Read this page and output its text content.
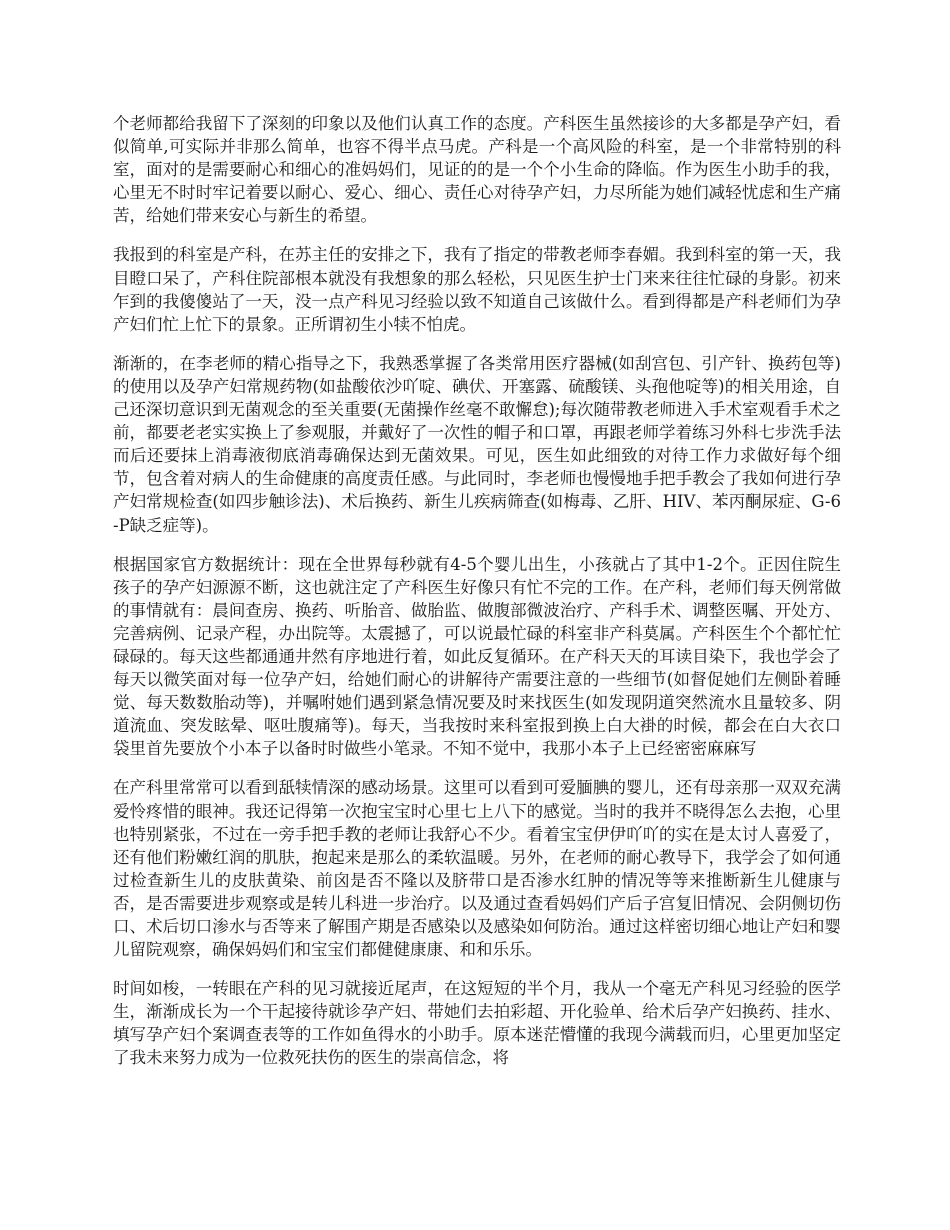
个老师都给我留下了深刻的印象以及他们认真工作的态度。产科医生虽然接诊的大多都是孕产妇，看似简单,可实际并非那么简单，也容不得半点马虎。产科是一个高风险的科室，是一个非常特别的科室，面对的是需要耐心和细心的准妈妈们，见证的的是一个个小生命的降临。作为医生小助手的我，心里无不时时牢记着要以耐心、爱心、细心、责任心对待孕产妇，力尽所能为她们减轻忧虑和生产痛苦，给她们带来安心与新生的希望。

我报到的科室是产科，在苏主任的安排之下，我有了指定的带教老师李春媚。我到科室的第一天，我目瞪口呆了，产科住院部根本就没有我想象的那么轻松，只见医生护士门来来往往忙碌的身影。初来乍到的我傻傻站了一天，没一点产科见习经验以致不知道自己该做什么。看到得都是产科老师们为孕产妇们忙上忙下的景象。正所谓初生小犊不怕虎。

渐渐的，在李老师的精心指导之下，我熟悉掌握了各类常用医疗器械(如刮宫包、引产针、换药包等)的使用以及孕产妇常规药物(如盐酸依沙吖啶、碘伏、开塞露、硫酸镁、头孢他啶等)的相关用途，自己还深切意识到无菌观念的至关重要(无菌操作丝毫不敢懈怠);每次随带教老师进入手术室观看手术之前，都要老老实实换上了参观服，并戴好了一次性的帽子和口罩，再跟老师学着练习外科七步洗手法而后还要抹上消毒液彻底消毒确保达到无菌效果。可见，医生如此细致的对待工作力求做好每个细节，包含着对病人的生命健康的高度责任感。与此同时，李老师也慢慢地手把手教会了我如何进行孕产妇常规检查(如四步触诊法)、术后换药、新生儿疾病筛查(如梅毒、乙肝、HIV、苯丙酮尿症、G-6-P缺乏症等)。

根据国家官方数据统计：现在全世界每秒就有4-5个婴儿出生，小孩就占了其中1-2个。正因住院生孩子的孕产妇源源不断，这也就注定了产科医生好像只有忙不完的工作。在产科，老师们每天例常做的事情就有：晨间查房、换药、听胎音、做胎监、做腹部微波治疗、产科手术、调整医嘱、开处方、完善病例、记录产程，办出院等。太震撼了，可以说最忙碌的科室非产科莫属。产科医生个个都忙忙碌碌的。每天这些都通通井然有序地进行着，如此反复循环。在产科天天的耳读目染下，我也学会了每天以微笑面对每一位孕产妇，给她们耐心的讲解待产需要注意的一些细节(如督促她们左侧卧着睡觉、每天数数胎动等)，并嘱咐她们遇到紧急情况要及时来找医生(如发现阴道突然流水且量较多、阴道流血、突发眩晕、呕吐腹痛等)。每天，当我按时来科室报到换上白大褂的时候，都会在白大衣口袋里首先要放个小本子以备时时做些小笔录。不知不觉中，我那小本子上已经密密麻麻写

在产科里常常可以看到舐犊情深的感动场景。这里可以看到可爱腼腆的婴儿，还有母亲那一双双充满爱怜疼惜的眼神。我还记得第一次抱宝宝时心里七上八下的感觉。当时的我并不晓得怎么去抱，心里也特别紧张，不过在一旁手把手教的老师让我舒心不少。看着宝宝伊伊吖吖的实在是太讨人喜爱了，还有他们粉嫩红润的肌肤，抱起来是那么的柔软温暖。另外，在老师的耐心教导下，我学会了如何通过检查新生儿的皮肤黄染、前囟是否不隆以及脐带口是否渗水红肿的情况等等来推断新生儿健康与否，是否需要进步观察或是转儿科进一步治疗。以及通过查看妈妈们产后子宫复旧情况、会阴侧切伤口、术后切口渗水与否等来了解围产期是否感染以及感染如何防治。通过这样密切细心地让产妇和婴儿留院观察，确保妈妈们和宝宝们都健健康康、和和乐乐。

时间如梭，一转眼在产科的见习就接近尾声，在这短短的半个月，我从一个毫无产科见习经验的医学生，渐渐成长为一个干起接待就诊孕产妇、带她们去拍彩超、开化验单、给术后孕产妇换药、挂水、填写孕产妇个案调查表等的工作如鱼得水的小助手。原本迷茫懵懂的我现今满载而归，心里更加坚定了我未来努力成为一位救死扶伤的医生的崇高信念，将
